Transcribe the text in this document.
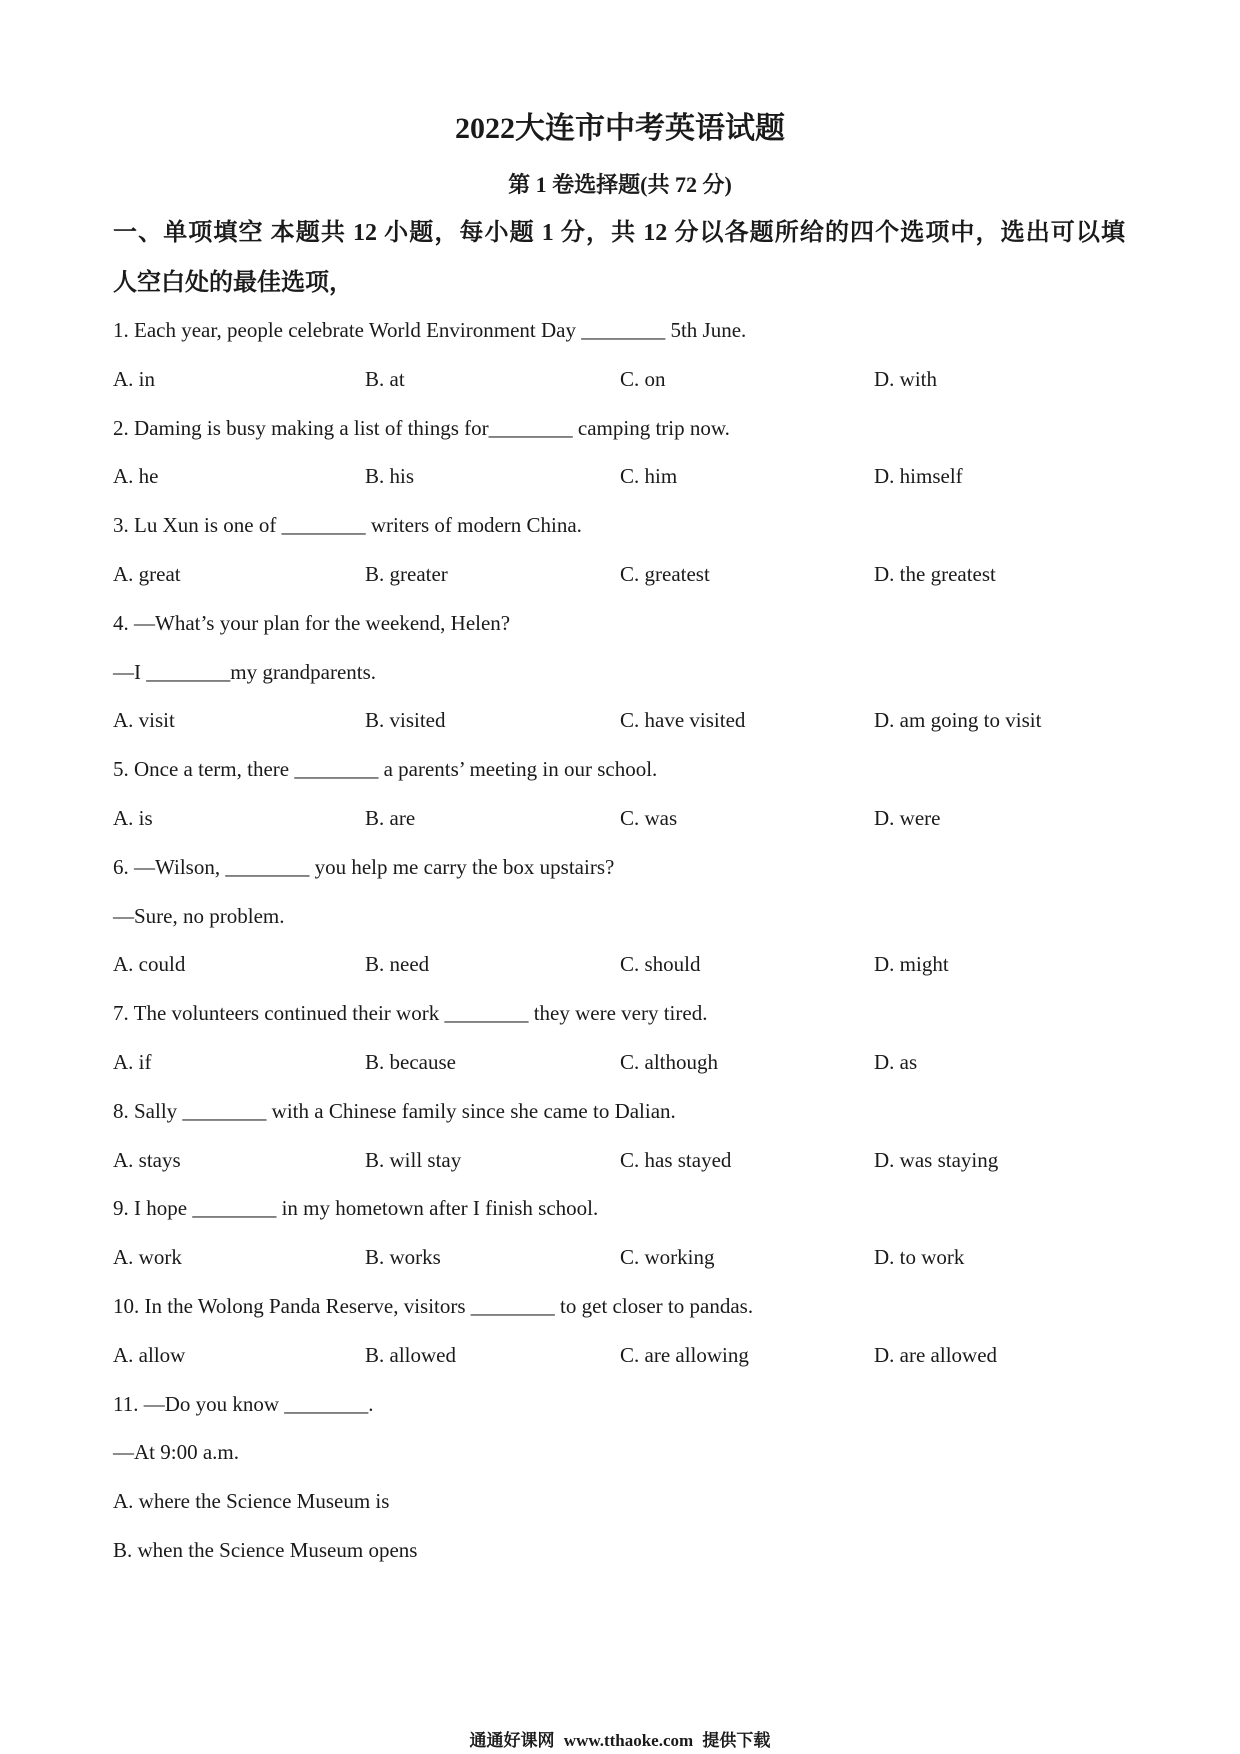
2022大连市中考英语试题
第 1 卷选择题(共 72 分)
一、单项填空 本题共 12 小题，每小题 1 分，共 12 分以各题所给的四个选项中，选出可以填
人空白处的最佳选项，
1. Each year, people celebrate World Environment Day ________ 5th June.
A. in	B. at	C. on	D. with
2. Daming is busy making a list of things for________ camping trip now.
A. he	B. his	C. him	D. himself
3. Lu Xun is one of ________ writers of modern China.
A. great	B. greater	C. greatest	D. the greatest
4. —What’s your plan for the weekend, Helen?
—I ________my grandparents.
A. visit	B. visited	C. have visited	D. am going to visit
5. Once a term, there ________ a parents’ meeting in our school.
A. is	B. are	C. was	D. were
6. —Wilson, ________ you help me carry the box upstairs?
—Sure, no problem.
A. could	B. need	C. should	D. might
7. The volunteers continued their work ________ they were very tired.
A. if	B. because	C. although	D. as
8. Sally ________ with a Chinese family since she came to Dalian.
A. stays	B. will stay	C. has stayed	D. was staying
9. I hope ________ in my hometown after I finish school.
A. work	B. works	C. working	D. to work
10. In the Wolong Panda Reserve, visitors ________ to get closer to pandas.
A. allow	B. allowed	C. are allowing	D. are allowed
11. —Do you know ________.
—At 9:00 a.m.
A. where the Science Museum is
B. when the Science Museum opens
通通好课网 www.tthaoke.com 提供下载
